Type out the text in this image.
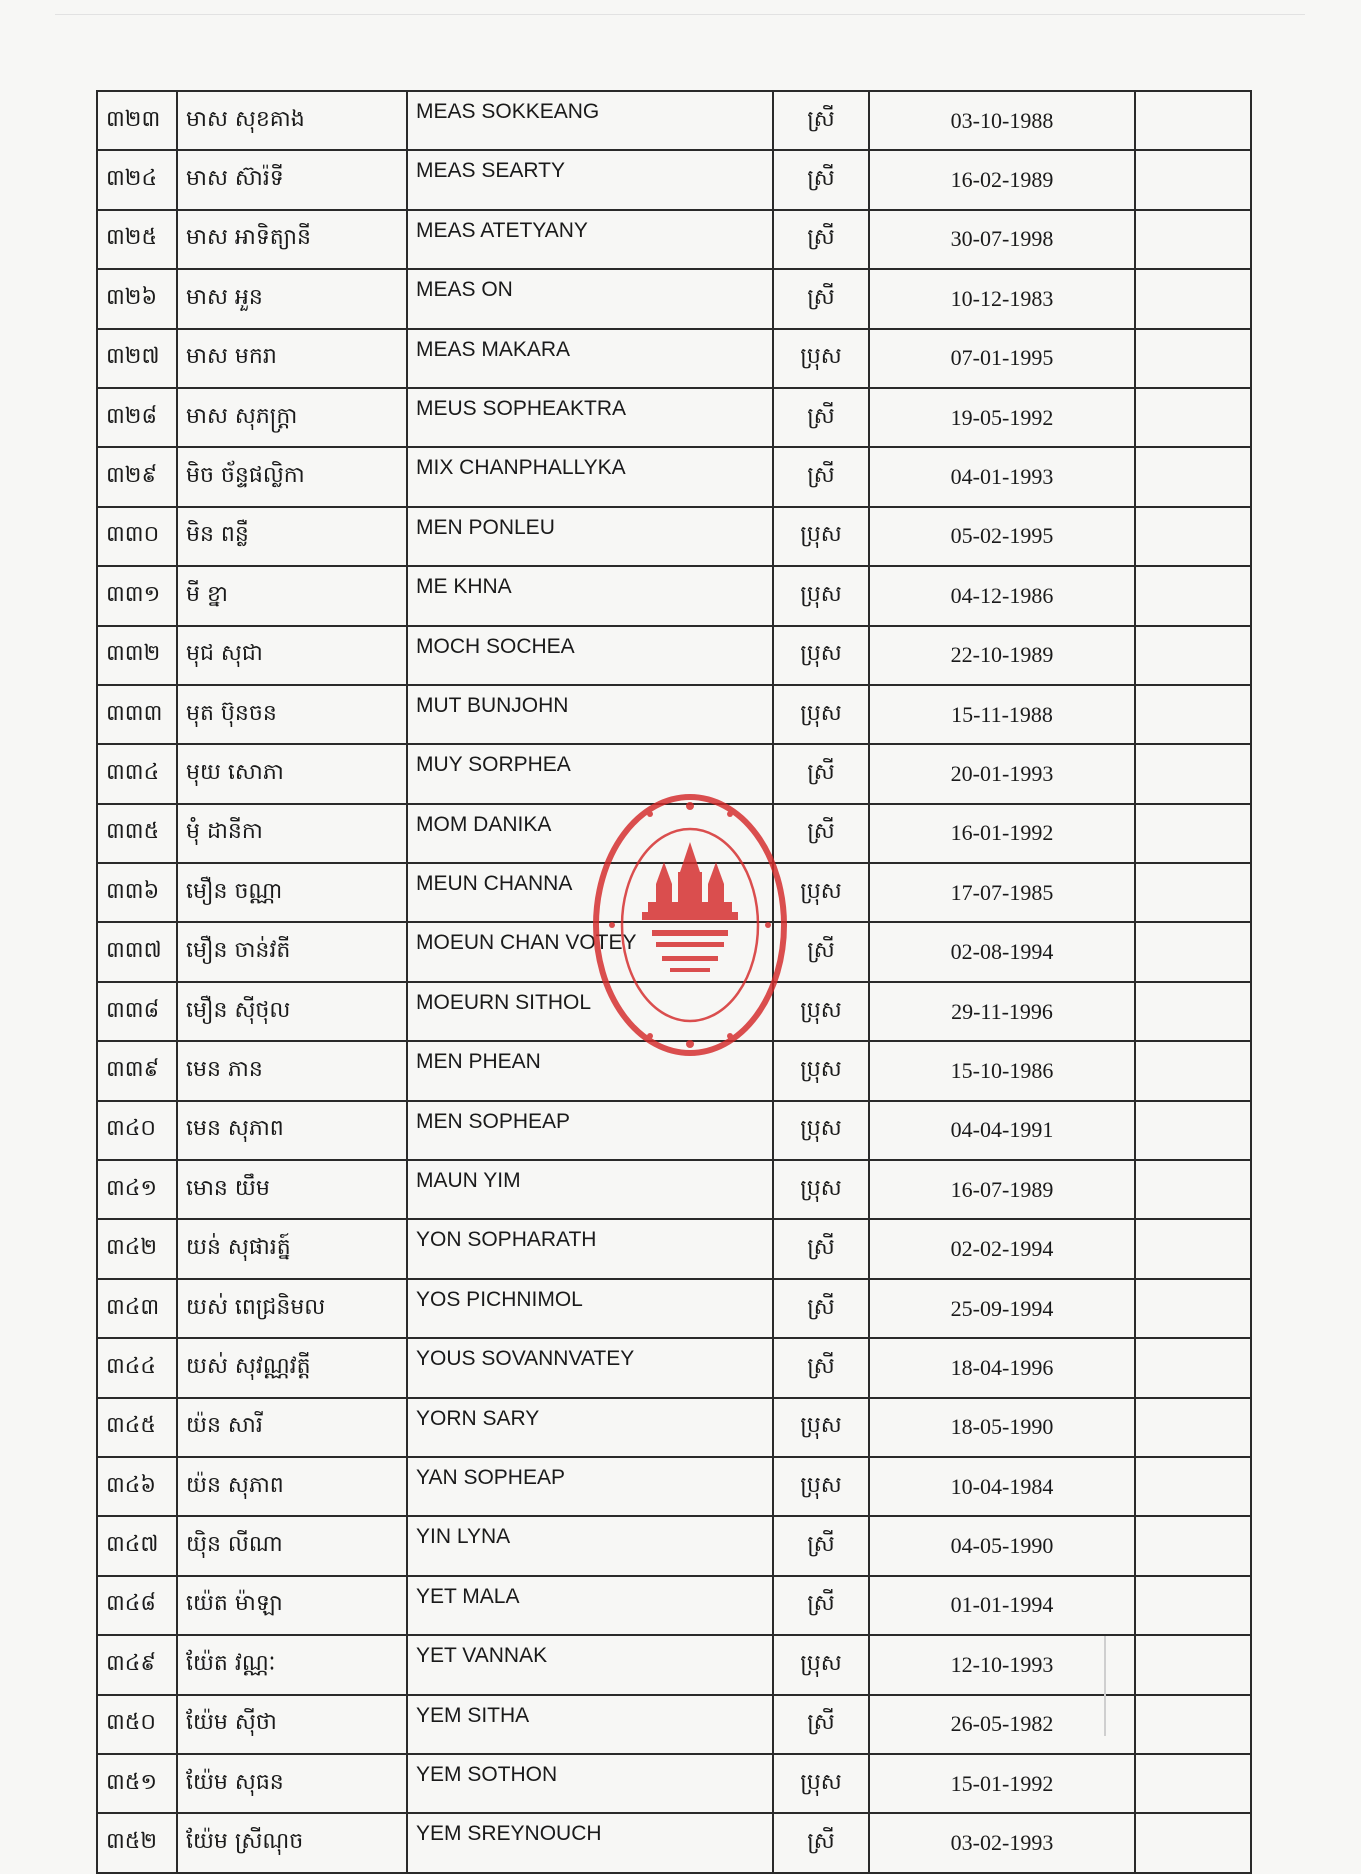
៣២៣	មាស សុខគាង	MEAS SOKKEANG	ស្រី	03-10-1988	
៣២៤	មាស ស៊ារ៉ទី	MEAS SEARTY	ស្រី	16-02-1989	
៣២៥	មាស អាទិត្យានី	MEAS ATETYANY	ស្រី	30-07-1998	
៣២៦	មាស អួន	MEAS ON	ស្រី	10-12-1983	
៣២៧	មាស មករា	MEAS MAKARA	ប្រុស	07-01-1995	
៣២៨	មាស សុភក្ត្រា	MEUS SOPHEAKTRA	ស្រី	19-05-1992	
៣២៩	មិច ច័ន្ទផល្លិកា	MIX CHANPHALLYKA	ស្រី	04-01-1993	
៣៣០	មិន ពន្លឺ	MEN PONLEU	ប្រុស	05-02-1995	
៣៣១	មី ខ្នា	ME KHNA	ប្រុស	04-12-1986	
៣៣២	មុជ សុជា	MOCH SOCHEA	ប្រុស	22-10-1989	
៣៣៣	មុត ប៊ុនចន	MUT BUNJOHN	ប្រុស	15-11-1988	
៣៣៤	មុយ សោភា	MUY SORPHEA	ស្រី	20-01-1993	
៣៣៥	មុំ ដានីកា	MOM DANIKA	ស្រី	16-01-1992	
៣៣៦	មឿន ចណ្ណា	MEUN CHANNA	ប្រុស	17-07-1985	
៣៣៧	មឿន ចាន់វតី	MOEUN CHAN VOTEY	ស្រី	02-08-1994	
៣៣៨	មឿន ស៊ីថុល	MOEURN SITHOL	ប្រុស	29-11-1996	
៣៣៩	មេន ភាន	MEN PHEAN	ប្រុស	15-10-1986	
៣៤០	មេន សុភាព	MEN SOPHEAP	ប្រុស	04-04-1991	
៣៤១	មោន យឹម	MAUN YIM	ប្រុស	16-07-1989	
៣៤២	យន់ សុផារត្ន៍	YON SOPHARATH	ស្រី	02-02-1994	
៣៤៣	យស់ ពេជ្រនិមល	YOS PICHNIMOL	ស្រី	25-09-1994	
៣៤៤	យស់ សុវណ្ណវត្តី	YOUS SOVANNVATEY	ស្រី	18-04-1996	
៣៤៥	យ៉ន សារី	YORN SARY	ប្រុស	18-05-1990	
៣៤៦	យ៉ន សុភាព	YAN SOPHEAP	ប្រុស	10-04-1984	
៣៤៧	យ៉ិន លីណា	YIN LYNA	ស្រី	04-05-1990	
៣៤៨	យ៉េត ម៉ាឡា	YET MALA	ស្រី	01-01-1994	
៣៤៩	យ៉ែត វណ្ណៈ	YET VANNAK	ប្រុស	12-10-1993	
៣៥០	យ៉ែម ស៊ីថា	YEM SITHA	ស្រី	26-05-1982	
៣៥១	យ៉ែម សុធន	YEM SOTHON	ប្រុស	15-01-1992	
៣៥២	យ៉ែម ស្រីណុច	YEM SREYNOUCH	ស្រី	03-02-1993	
